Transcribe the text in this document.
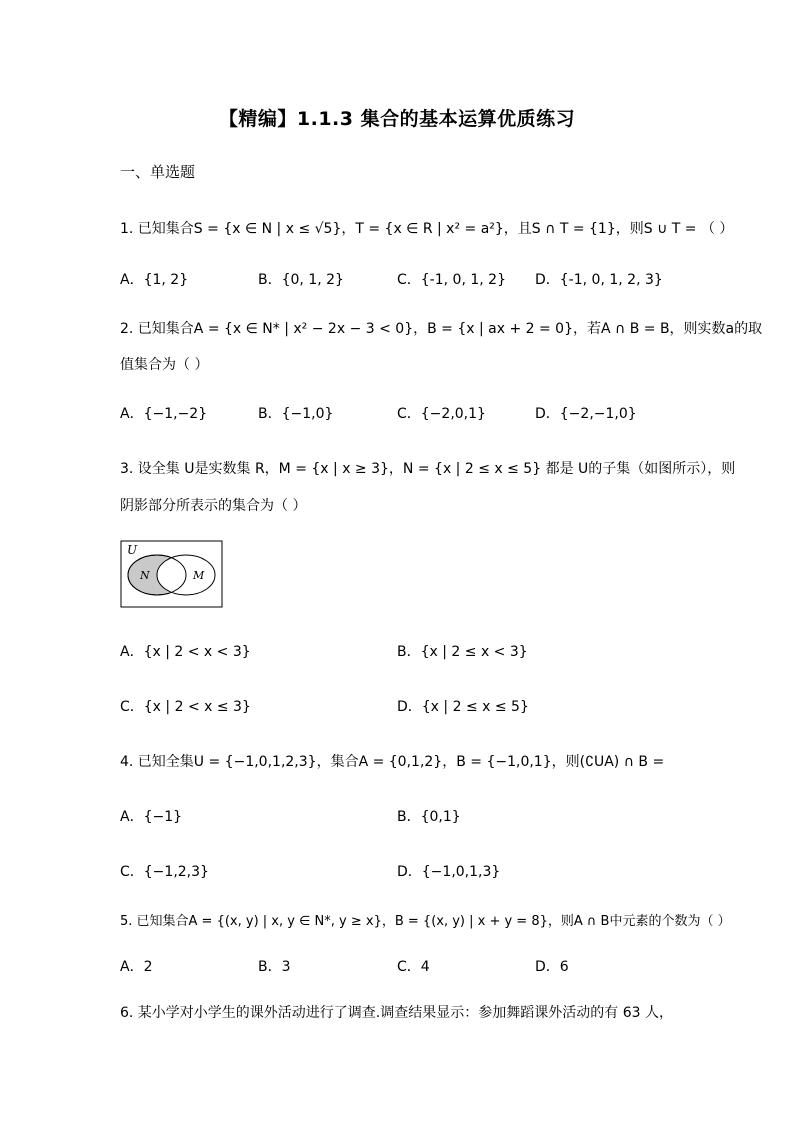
【精编】1.1.3 集合的基本运算优质练习
一、单选题
1. 已知集合S = {x ∈ N | x ≤ √5}，T = {x ∈ R | x² = a²}，且S ∩ T = {1}，则S ∪ T = （ ）
A．{1, 2}	B．{0, 1, 2}	C．{-1, 0, 1, 2} D．{-1, 0, 1, 2, 3}
2. 已知集合A = {x ∈ N* | x² − 2x − 3 < 0}，B = {x | ax + 2 = 0}，若A ∩ B = B，则实数a的取
值集合为（ ）
A．{−1,−2}	B．{−1,0}	C．{−2,0,1}	D．{−2,−1,0}
3. 设全集 U是实数集 R，M = {x | x ≥ 3}，N = {x | 2 ≤ x ≤ 5} 都是 U的子集（如图所示），则
阴影部分所表示的集合为（ ）
U
N	M
A．{x | 2 < x < 3}	B．{x | 2 ≤ x < 3}
C．{x | 2 < x ≤ 3}	D．{x | 2 ≤ x ≤ 5}
4. 已知全集U = {−1,0,1,2,3}，集合A = {0,1,2}，B = {−1,0,1}，则(∁UA) ∩ B =
A．{−1}	B．{0,1}
C．{−1,2,3}	D．{−1,0,1,3}
5. 已知集合A = {(x, y) | x, y ∈ N*, y ≥ x}，B = {(x, y) | x + y = 8}，则A ∩ B中元素的个数为（ ）
A．2	B．3	C．4	D．6
6. 某小学对小学生的课外活动进行了调查.调查结果显示：参加舞蹈课外活动的有 63 人，
